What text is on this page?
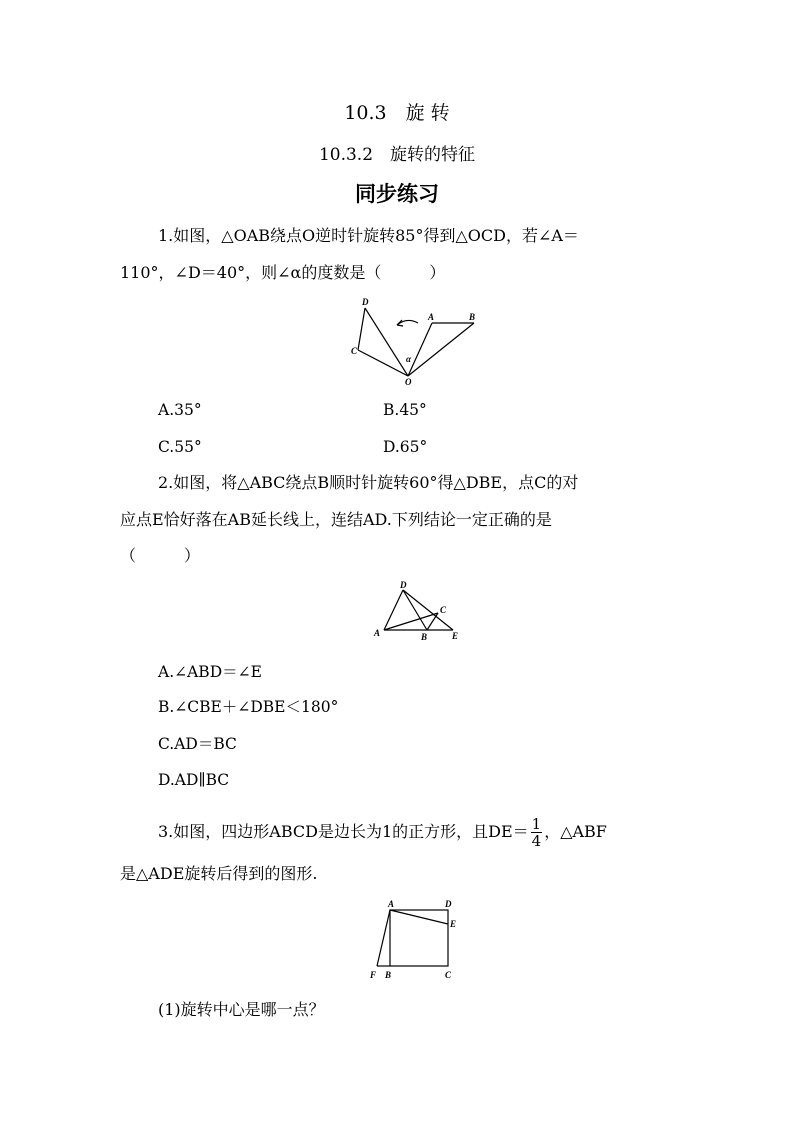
10.3　旋 转
10.3.2　旋转的特征
同步练习
1.如图，△OAB绕点O逆时针旋转85°得到△OCD，若∠A＝
110°，∠D＝40°，则∠α的度数是（　　　）
D
C
A	B
O
α
A.35°	B.45°
C.55°	D.65°
2.如图，将△ABC绕点B顺时针旋转60°得△DBE，点C的对
应点E恰好落在AB延长线上，连结AD.下列结论一定正确的是
（　　　）
D
C
A	B	E
A.∠ABD＝∠E
B.∠CBE＋∠DBE＜180°
C.AD＝BC
D.AD∥BC
3.如图，四边形ABCD是边长为1的正方形，且$DE= \frac{1}{4}$ ，△ABF
是△ADE旋转后得到的图形.
A	D
E
F B	C
(1)旋转中心是哪一点？
